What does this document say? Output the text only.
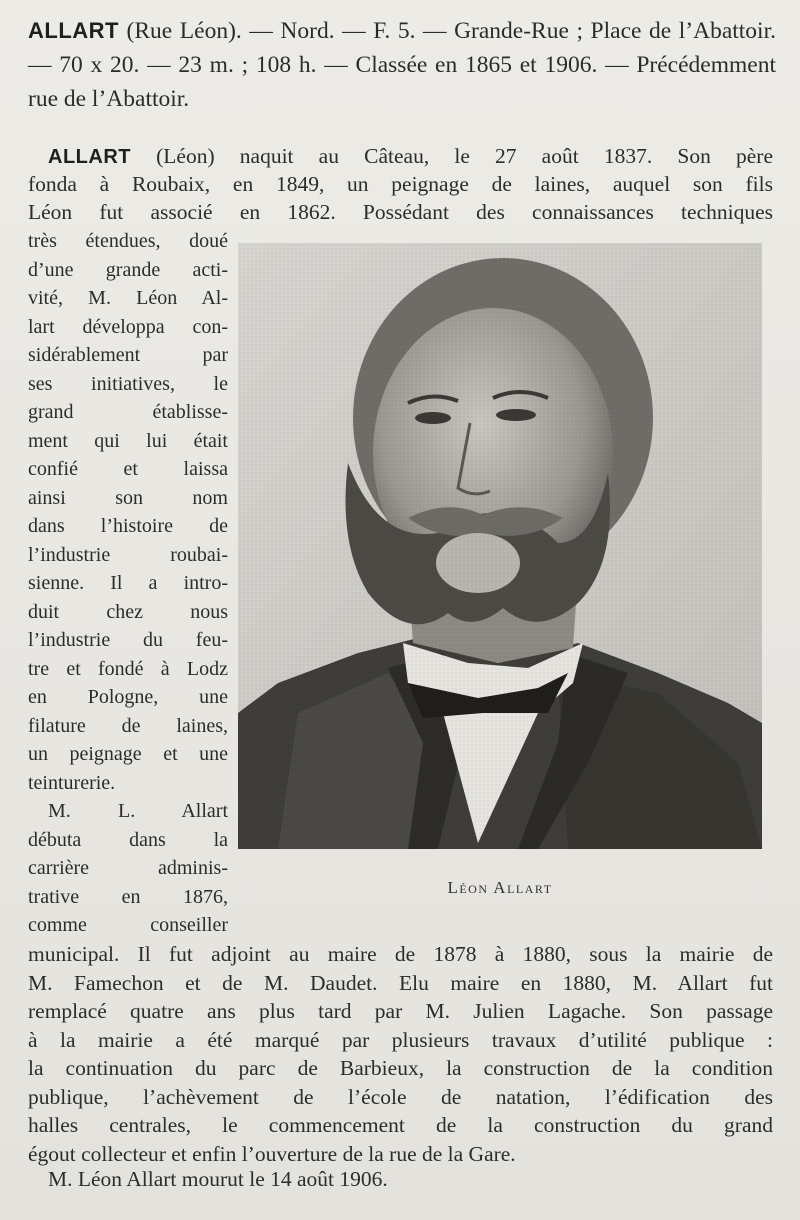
ALLART (Rue Léon). — Nord. — F. 5. — Grande-Rue ; Place de l’Abattoir. — 70 x 20. — 23 m. ; 108 h. — Classée en 1865 et 1906. — Précédemment rue de l’Abattoir.
ALLART (Léon) naquit au Câteau, le 27 août 1837. Son père
fonda à Roubaix, en 1849, un peignage de laines, auquel son fils
Léon fut associé en 1862. Possédant des connaissances techniques
très étendues, doué
d’une grande acti-
vité, M. Léon Al-
lart développa con-
sidérablement par
ses initiatives, le
grand établisse-
ment qui lui était
confié et laissa
ainsi son nom
dans l’histoire de
l’industrie roubai-
sienne. Il a intro-
duit chez nous
l’industrie du feu-
tre et fondé à Lodz
en Pologne, une
filature de laines,
un peignage et une
teinturerie.
M. L. Allart
débuta dans la
carrière adminis-
trative en 1876,
comme conseiller
municipal. Il fut adjoint au maire de 1878 à 1880, sous la mairie de
M. Famechon et de M. Daudet. Elu maire en 1880, M. Allart fut
remplacé quatre ans plus tard par M. Julien Lagache. Son passage
à la mairie a été marqué par plusieurs travaux d’utilité publique :
la continuation du parc de Barbieux, la construction de la condition
publique, l’achèvement de l’école de natation, l’édification des
halles centrales, le commencement de la construction du grand
égout collecteur et enfin l’ouverture de la rue de la Gare.
M. Léon Allart mourut le 14 août 1906.
Léon Allart
